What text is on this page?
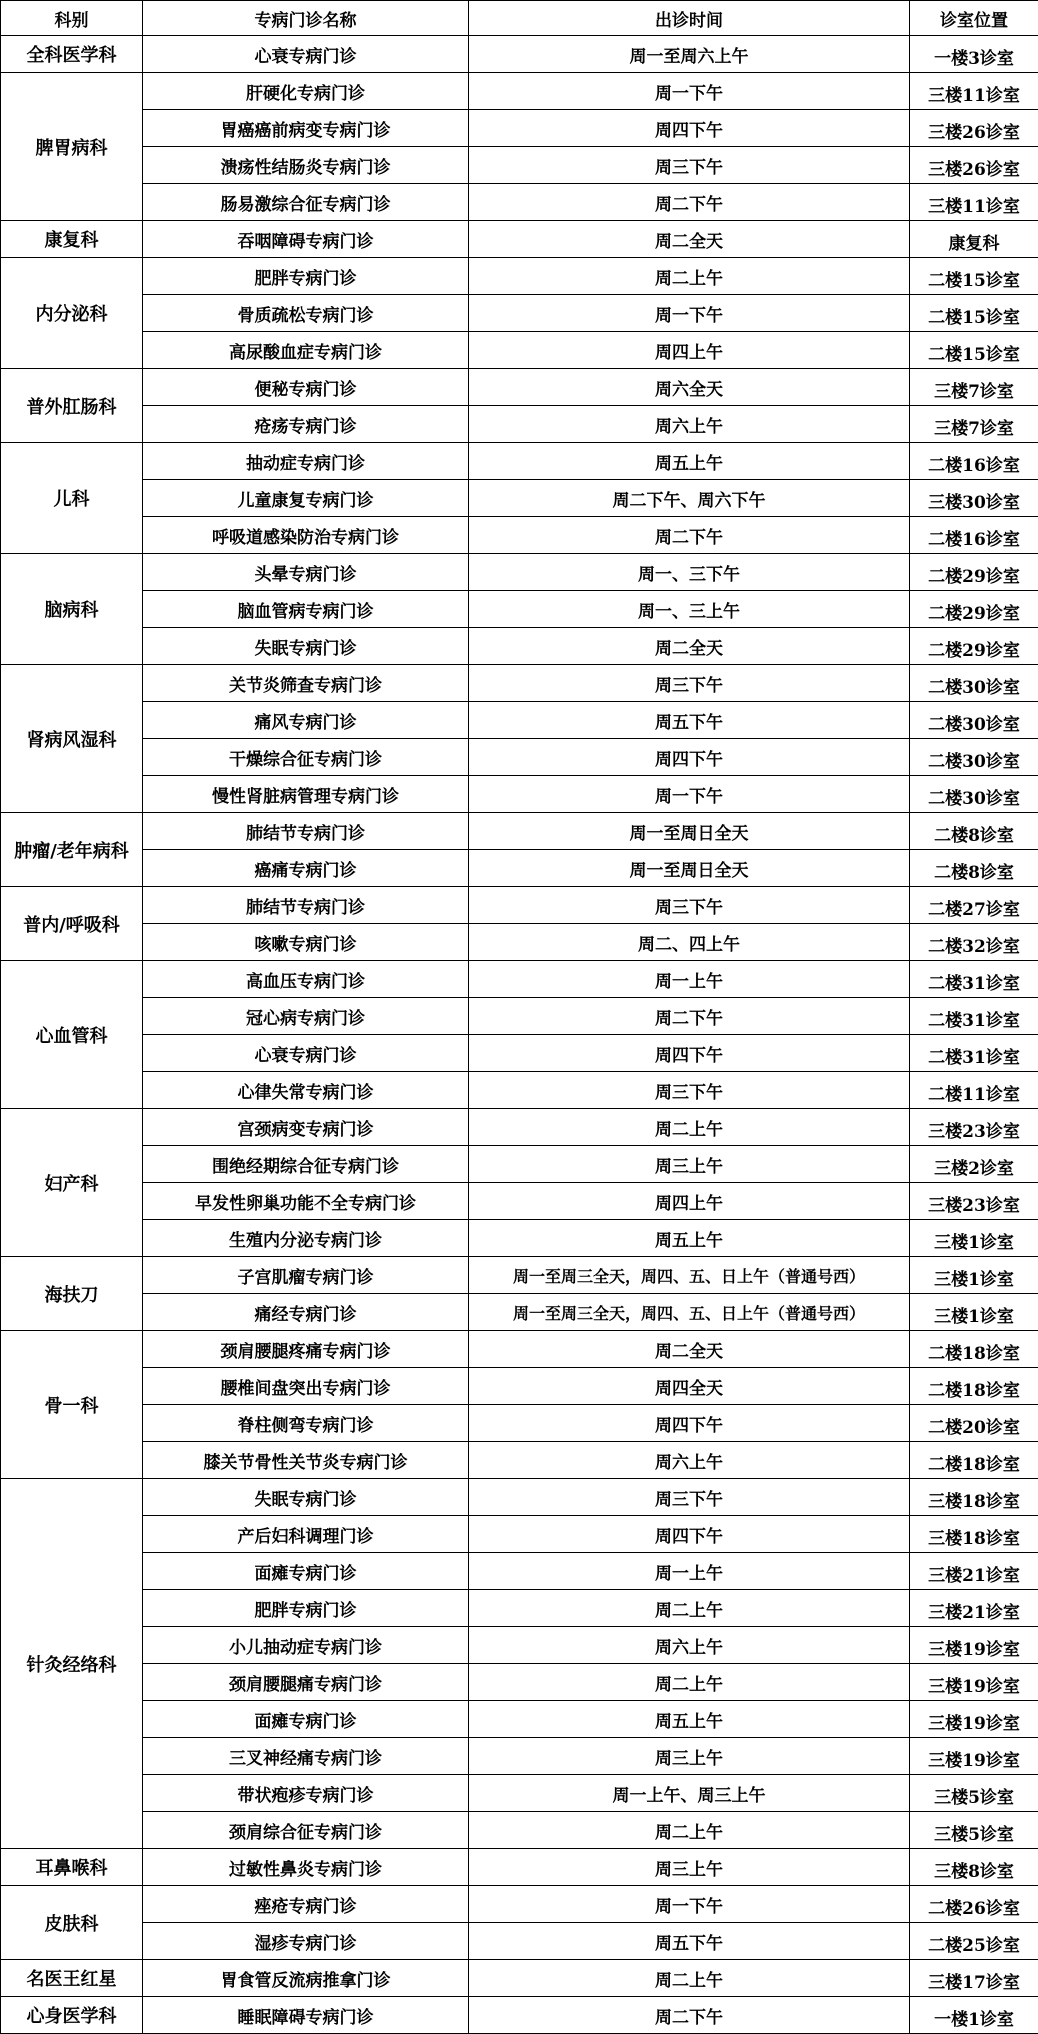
科别	专病门诊名称	出诊时间	诊室位置
全科医学科	心衰专病门诊	周一至周六上午	一楼3诊室
脾胃病科	肝硬化专病门诊	周一下午	三楼11诊室
	胃癌癌前病变专病门诊	周四下午	三楼26诊室
	溃疡性结肠炎专病门诊	周三下午	三楼26诊室
	肠易激综合征专病门诊	周二下午	三楼11诊室
康复科	吞咽障碍专病门诊	周二全天	康复科
内分泌科	肥胖专病门诊	周二上午	二楼15诊室
	骨质疏松专病门诊	周一下午	二楼15诊室
	高尿酸血症专病门诊	周四上午	二楼15诊室
普外肛肠科	便秘专病门诊	周六全天	三楼7诊室
	疮疡专病门诊	周六上午	三楼7诊室
儿科	抽动症专病门诊	周五上午	二楼16诊室
	儿童康复专病门诊	周二下午、周六下午	三楼30诊室
	呼吸道感染防治专病门诊	周二下午	二楼16诊室
脑病科	头晕专病门诊	周一、三下午	二楼29诊室
	脑血管病专病门诊	周一、三上午	二楼29诊室
	失眠专病门诊	周二全天	二楼29诊室
肾病风湿科	关节炎筛查专病门诊	周三下午	二楼30诊室
	痛风专病门诊	周五下午	二楼30诊室
	干燥综合征专病门诊	周四下午	二楼30诊室
	慢性肾脏病管理专病门诊	周一下午	二楼30诊室
肿瘤/老年病科	肺结节专病门诊	周一至周日全天	二楼8诊室
	癌痛专病门诊	周一至周日全天	二楼8诊室
普内/呼吸科	肺结节专病门诊	周三下午	二楼27诊室
	咳嗽专病门诊	周二、四上午	二楼32诊室
心血管科	高血压专病门诊	周一上午	二楼31诊室
	冠心病专病门诊	周二下午	二楼31诊室
	心衰专病门诊	周四下午	二楼31诊室
	心律失常专病门诊	周三下午	二楼11诊室
妇产科	宫颈病变专病门诊	周二上午	三楼23诊室
	围绝经期综合征专病门诊	周三上午	三楼2诊室
	早发性卵巢功能不全专病门诊	周四上午	三楼23诊室
	生殖内分泌专病门诊	周五上午	三楼1诊室
海扶刀	子宫肌瘤专病门诊	周一至周三全天，周四、五、日上午（普通号西）	三楼1诊室
	痛经专病门诊	周一至周三全天，周四、五、日上午（普通号西）	三楼1诊室
骨一科	颈肩腰腿疼痛专病门诊	周二全天	二楼18诊室
	腰椎间盘突出专病门诊	周四全天	二楼18诊室
	脊柱侧弯专病门诊	周四下午	二楼20诊室
	膝关节骨性关节炎专病门诊	周六上午	二楼18诊室
针灸经络科	失眠专病门诊	周三下午	三楼18诊室
	产后妇科调理门诊	周四下午	三楼18诊室
	面瘫专病门诊	周一上午	三楼21诊室
	肥胖专病门诊	周二上午	三楼21诊室
	小儿抽动症专病门诊	周六上午	三楼19诊室
	颈肩腰腿痛专病门诊	周二上午	三楼19诊室
	面瘫专病门诊	周五上午	三楼19诊室
	三叉神经痛专病门诊	周三上午	三楼19诊室
	带状疱疹专病门诊	周一上午、周三上午	三楼5诊室
	颈肩综合征专病门诊	周二上午	三楼5诊室
耳鼻喉科	过敏性鼻炎专病门诊	周三上午	三楼8诊室
皮肤科	痤疮专病门诊	周一下午	二楼26诊室
	湿疹专病门诊	周五下午	二楼25诊室
名医王红星	胃食管反流病推拿门诊	周二上午	三楼17诊室
心身医学科	睡眠障碍专病门诊	周二下午	一楼1诊室
